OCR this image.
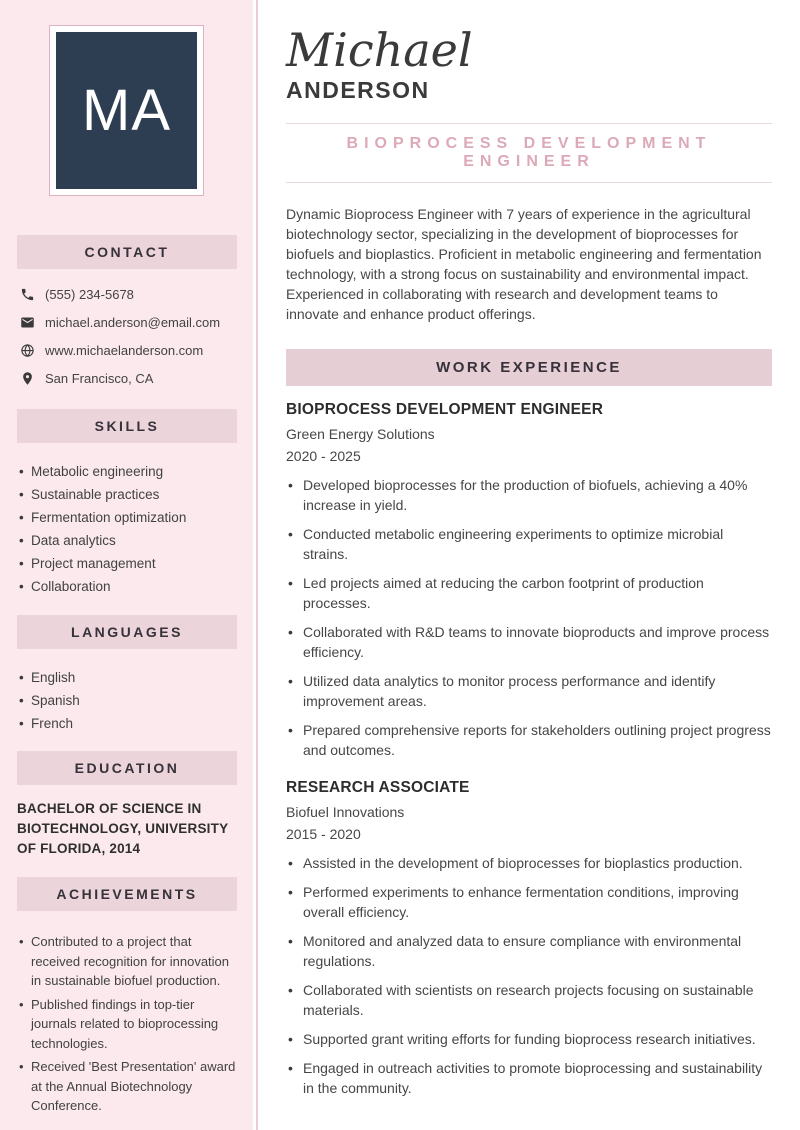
MA
CONTACT
(555) 234-5678
michael.anderson@email.com
www.michaelanderson.com
San Francisco, CA
SKILLS
• Metabolic engineering
• Sustainable practices
• Fermentation optimization
• Data analytics
• Project management
• Collaboration
LANGUAGES
• English
• Spanish
• French
EDUCATION
BACHELOR OF SCIENCE IN BIOTECHNOLOGY, UNIVERSITY OF FLORIDA, 2014
ACHIEVEMENTS
• Contributed to a project that received recognition for innovation in sustainable biofuel production.
• Published findings in top-tier journals related to bioprocessing technologies.
• Received 'Best Presentation' award at the Annual Biotechnology Conference.
Michael
ANDERSON
BIOPROCESS DEVELOPMENT ENGINEER

Dynamic Bioprocess Engineer with 7 years of experience in the agricultural biotechnology sector, specializing in the development of bioprocesses for biofuels and bioplastics. Proficient in metabolic engineering and fermentation technology, with a strong focus on sustainability and environmental impact. Experienced in collaborating with research and development teams to innovate and enhance product offerings.

WORK EXPERIENCE
BIOPROCESS DEVELOPMENT ENGINEER
Green Energy Solutions
2020 - 2025
• Developed bioprocesses for the production of biofuels, achieving a 40% increase in yield.
• Conducted metabolic engineering experiments to optimize microbial strains.
• Led projects aimed at reducing the carbon footprint of production processes.
• Collaborated with R&D teams to innovate bioproducts and improve process efficiency.
• Utilized data analytics to monitor process performance and identify improvement areas.
• Prepared comprehensive reports for stakeholders outlining project progress and outcomes.
RESEARCH ASSOCIATE
Biofuel Innovations
2015 - 2020
• Assisted in the development of bioprocesses for bioplastics production.
• Performed experiments to enhance fermentation conditions, improving overall efficiency.
• Monitored and analyzed data to ensure compliance with environmental regulations.
• Collaborated with scientists on research projects focusing on sustainable materials.
• Supported grant writing efforts for funding bioprocess research initiatives.
• Engaged in outreach activities to promote bioprocessing and sustainability in the community.
